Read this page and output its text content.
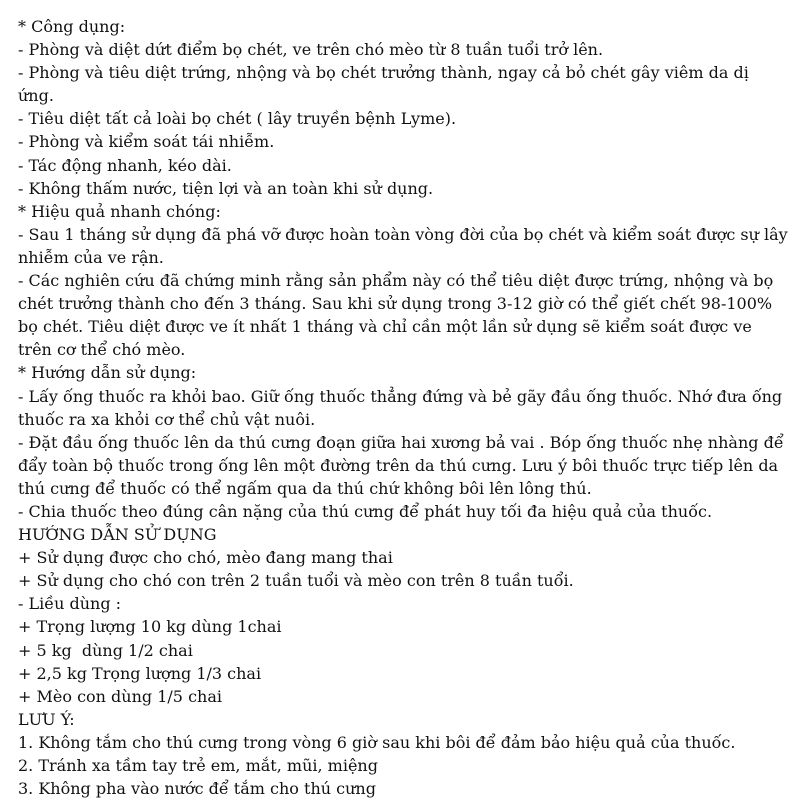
* Công dụng:
- Phòng và diệt dứt điểm bọ chét, ve trên chó mèo từ 8 tuần tuổi trở lên.
- Phòng và tiêu diệt trứng, nhộng và bọ chét trưởng thành, ngay cả bỏ chét gây viêm da dị ứng.
- Tiêu diệt tất cả loài bọ chét ( lây truyền bệnh Lyme).
- Phòng và kiểm soát tái nhiễm.
- Tác động nhanh, kéo dài.
- Không thấm nước, tiện lợi và an toàn khi sử dụng.
* Hiệu quả nhanh chóng:
- Sau 1 tháng sử dụng đã phá vỡ được hoàn toàn vòng đời của bọ chét và kiểm soát được sự lây nhiễm của ve rận.
- Các nghiên cứu đã chứng minh rằng sản phẩm này có thể tiêu diệt được trứng, nhộng và bọ chét trưởng thành cho đến 3 tháng. Sau khi sử dụng trong 3-12 giờ có thể giết chết 98-100% bọ chét. Tiêu diệt được ve ít nhất 1 tháng và chỉ cần một lần sử dụng sẽ kiểm soát được ve trên cơ thể chó mèo.
* Hướng dẫn sử dụng:
- Lấy ống thuốc ra khỏi bao. Giữ ống thuốc thẳng đứng và bẻ gãy đầu ống thuốc. Nhớ đưa ống thuốc ra xa khỏi cơ thể chủ vật nuôi.
- Đặt đầu ống thuốc lên da thú cưng đoạn giữa hai xương bả vai . Bóp ống thuốc nhẹ nhàng để đẩy toàn bộ thuốc trong ống lên một đường trên da thú cưng. Lưu ý bôi thuốc trực tiếp lên da thú cưng để thuốc có thể ngấm qua da thú chứ không bôi lên lông thú.
- Chia thuốc theo đúng cân nặng của thú cưng để phát huy tối đa hiệu quả của thuốc.
HƯỚNG DẪN SỬ DỤNG
+ Sử dụng được cho chó, mèo đang mang thai
+ Sử dụng cho chó con trên 2 tuần tuổi và mèo con trên 8 tuần tuổi.
- Liều dùng :
+ Trọng lượng 10 kg dùng 1chai
+ 5 kg  dùng 1/2 chai
+ 2,5 kg Trọng lượng 1/3 chai
+ Mèo con dùng 1/5 chai
LƯU Ý:
1. Không tắm cho thú cưng trong vòng 6 giờ sau khi bôi để đảm bảo hiệu quả của thuốc.
2. Tránh xa tầm tay trẻ em, mắt, mũi, miệng
3. Không pha vào nước để tắm cho thú cưng
